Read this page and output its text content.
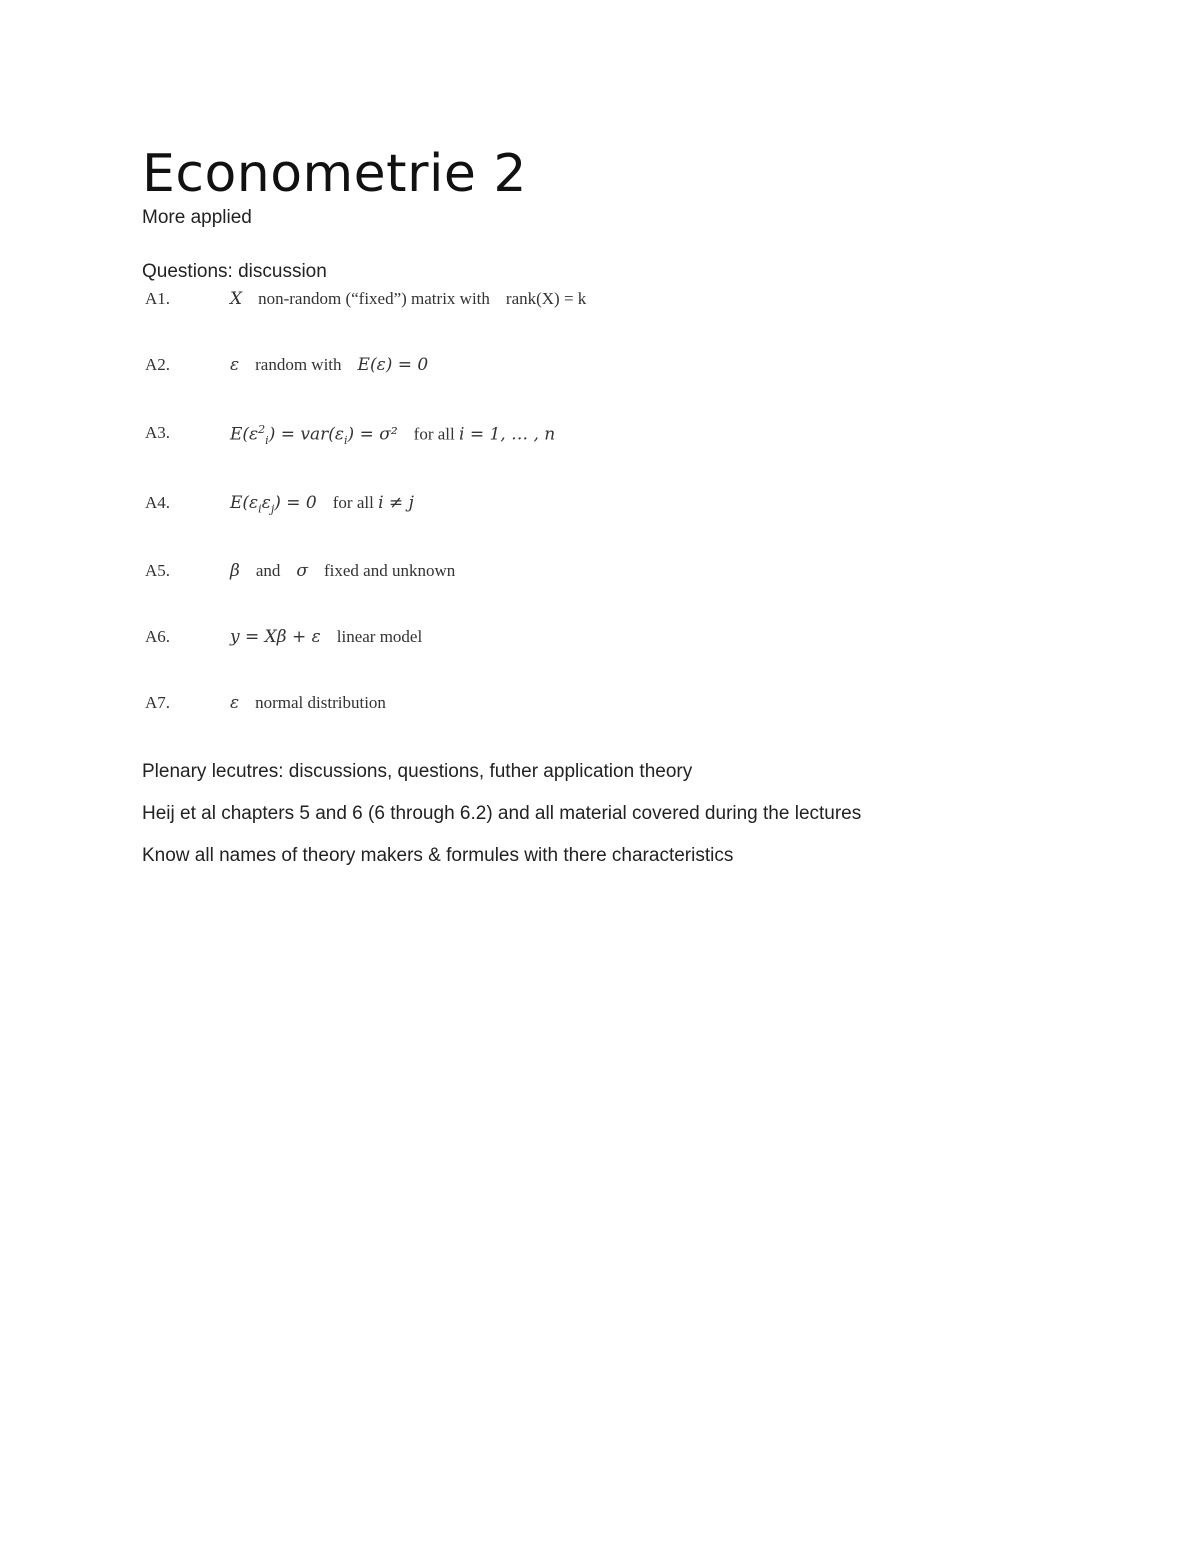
Econometrie 2
More applied
Questions: discussion
A1.	X non-random (“fixed”) matrix with rank(X) = k
A2.	ε random with E(ε) = 0
A3.	$E(\varepsilon^2_i) = var(\varepsilon_i) = \sigma^2$ for all i = 1, … , n
A4.	$E(\varepsilon_i\varepsilon_j) = 0$ for all i ≠ j
A5.	β and σ fixed and unknown
A6.	y = Xβ + ε linear model
A7.	ε normal distribution
Plenary lecutres: discussions, questions, futher application theory
Heij et al chapters 5 and 6 (6 through 6.2) and all material covered during the lectures
Know all names of theory makers & formules with there characteristics
